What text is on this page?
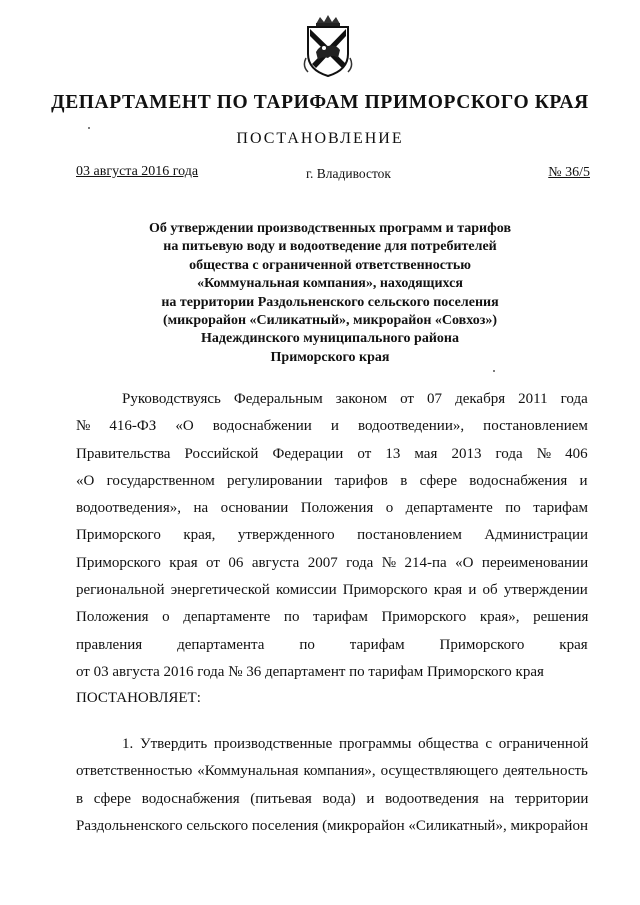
ДЕПАРТАМЕНТ ПО ТАРИФАМ ПРИМОРСКОГО КРАЯ
ПОСТАНОВЛЕНИЕ
03 августа 2016 года	г. Владивосток	№ 36/5
Об утверждении производственных программ и тарифов
на питьевую воду и водоотведение для потребителей
общества с ограниченной ответственностью
«Коммунальная компания», находящихся
на территории Раздольненского сельского поселения
(микрорайон «Силикатный», микрорайон «Совхоз»)
Надеждинского муниципального района
Приморского края
Руководствуясь Федеральным законом от 07 декабря 2011 года
№ 416-ФЗ «О водоснабжении и водоотведении», постановлением
Правительства Российской Федерации от 13 мая 2013 года № 406
«О государственном регулировании тарифов в сфере водоснабжения и
водоотведения», на основании Положения о департаменте по тарифам
Приморского края, утвержденного постановлением Администрации
Приморского края от 06 августа 2007 года № 214-па «О переименовании
региональной энергетической комиссии Приморского края и об утверждении
Положения о департаменте по тарифам Приморского края», решения
правления департамента по тарифам Приморского края
от 03 августа 2016 года № 36 департамент по тарифам Приморского края
ПОСТАНОВЛЯЕТ:
1. Утвердить производственные программы общества с ограниченной
ответственностью «Коммунальная компания», осуществляющего деятельность
в сфере водоснабжения (питьевая вода) и водоотведения на территории
Раздольненского сельского поселения (микрорайон «Силикатный», микрорайон
